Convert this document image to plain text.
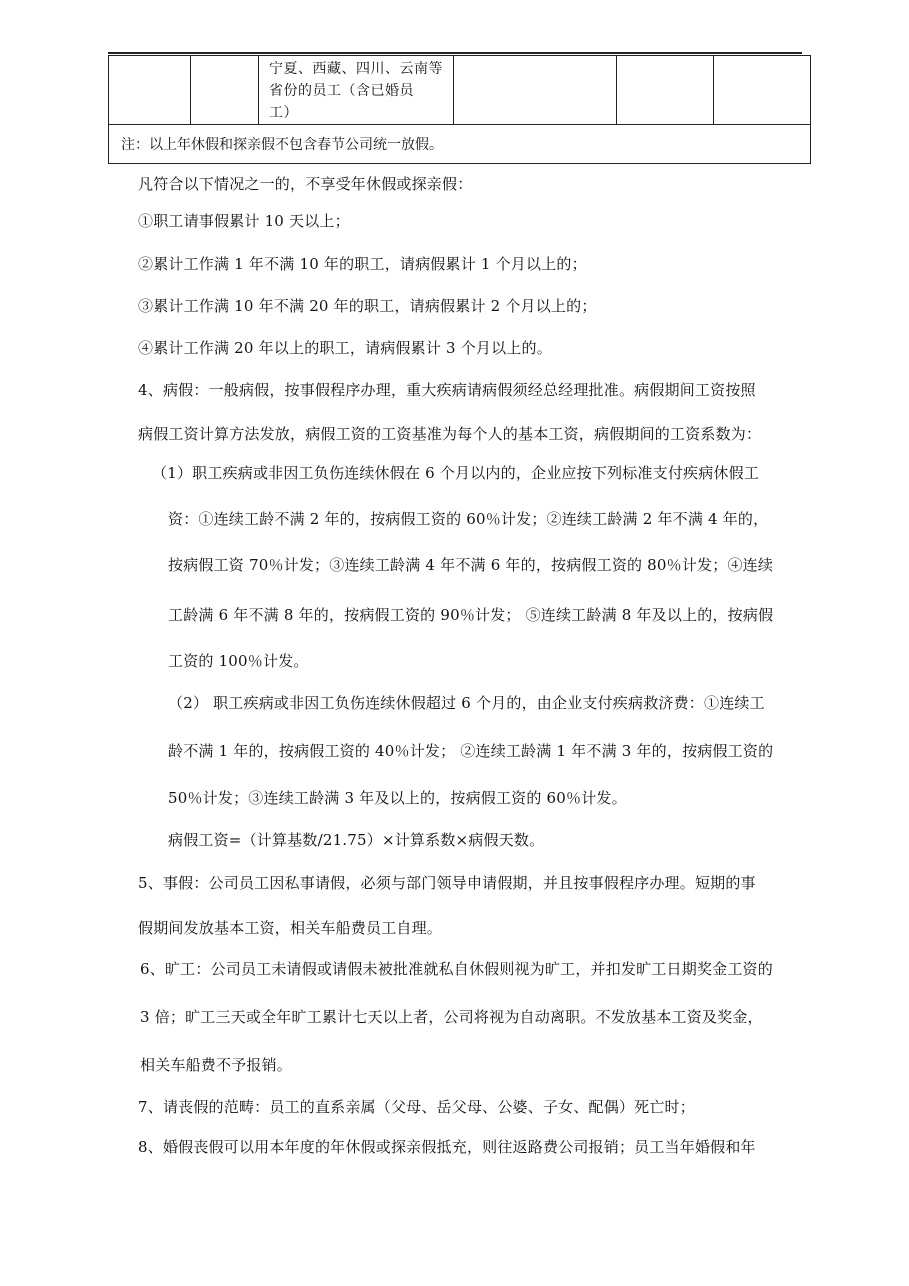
宁夏、西藏、四川、云南等
省份的员工（含已婚员
工）

注：以上年休假和探亲假不包含春节公司统一放假。
凡符合以下情况之一的，不享受年休假或探亲假：
①职工请事假累计 10 天以上；
②累计工作满 1 年不满 10 年的职工，请病假累计 1 个月以上的；
③累计工作满 10 年不满 20 年的职工，请病假累计 2 个月以上的；
④累计工作满 20 年以上的职工，请病假累计 3 个月以上的。
4、病假：一般病假，按事假程序办理，重大疾病请病假须经总经理批准。病假期间工资按照
病假工资计算方法发放，病假工资的工资基准为每个人的基本工资，病假期间的工资系数为：
（1）职工疾病或非因工负伤连续休假在 6 个月以内的，企业应按下列标准支付疾病休假工
资：①连续工龄不满 2 年的，按病假工资的 60％计发；②连续工龄满 2 年不满 4 年的，
按病假工资 70％计发；③连续工龄满 4 年不满 6 年的，按病假工资的 80％计发；④连续
工龄满 6 年不满 8 年的，按病假工资的 90％计发； ⑤连续工龄满 8 年及以上的，按病假
工资的 100％计发。
（2） 职工疾病或非因工负伤连续休假超过 6 个月的，由企业支付疾病救济费：①连续工
龄不满 1 年的，按病假工资的 40％计发； ②连续工龄满 1 年不满 3 年的，按病假工资的
50％计发；③连续工龄满 3 年及以上的，按病假工资的 60％计发。
病假工资=（计算基数/21.75）×计算系数×病假天数。
5、事假：公司员工因私事请假，必须与部门领导申请假期，并且按事假程序办理。短期的事
假期间发放基本工资，相关车船费员工自理。
6、旷工：公司员工未请假或请假未被批准就私自休假则视为旷工，并扣发旷工日期奖金工资的
3 倍；旷工三天或全年旷工累计七天以上者，公司将视为自动离职。不发放基本工资及奖金，
相关车船费不予报销。
7、请丧假的范畴：员工的直系亲属（父母、岳父母、公婆、子女、配偶）死亡时；
8、婚假丧假可以用本年度的年休假或探亲假抵充，则往返路费公司报销；员工当年婚假和年
